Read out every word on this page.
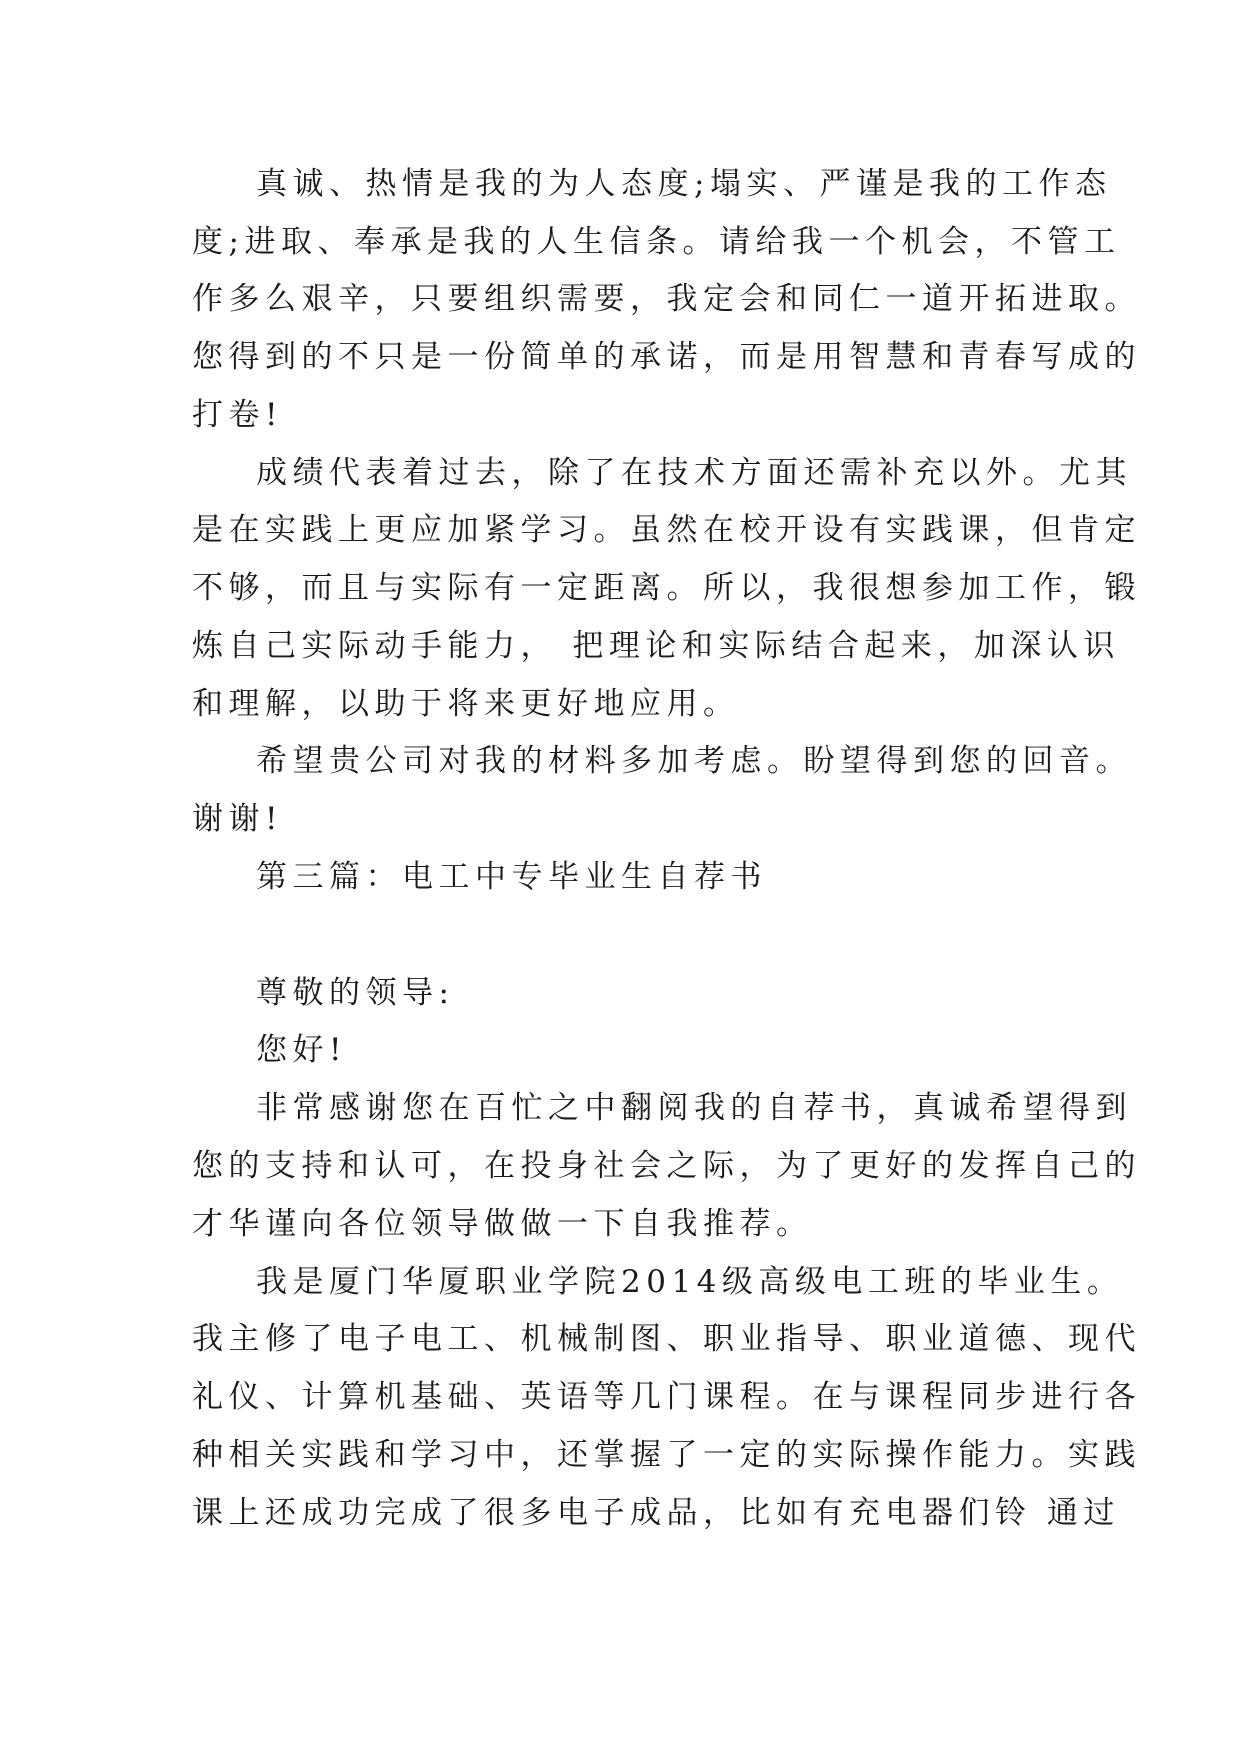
真诚、热情是我的为人态度;塌实、严谨是我的工作态

度;进取、奉承是我的人生信条。请给我一个机会，不管工

作多么艰辛，只要组织需要，我定会和同仁一道开拓进取。

您得到的不只是一份简单的承诺，而是用智慧和青春写成的

打卷!

成绩代表着过去，除了在技术方面还需补充以外。尤其

是在实践上更应加紧学习。虽然在校开设有实践课，但肯定

不够，而且与实际有一定距离。所以，我很想参加工作，锻

炼自己实际动手能力， 把理论和实际结合起来，加深认识

和理解，以助于将来更好地应用。

希望贵公司对我的材料多加考虑。盼望得到您的回音。

谢谢!

第三篇：电工中专毕业生自荐书

尊敬的领导:

您好!

非常感谢您在百忙之中翻阅我的自荐书，真诚希望得到

您的支持和认可，在投身社会之际，为了更好的发挥自己的

才华谨向各位领导做做一下自我推荐。

我是厦门华厦职业学院2014级高级电工班的毕业生。

我主修了电子电工、机械制图、职业指导、职业道德、现代

礼仪、计算机基础、英语等几门课程。在与课程同步进行各

种相关实践和学习中，还掌握了一定的实际操作能力。实践

课上还成功完成了很多电子成品，比如有充电器们铃 通过
